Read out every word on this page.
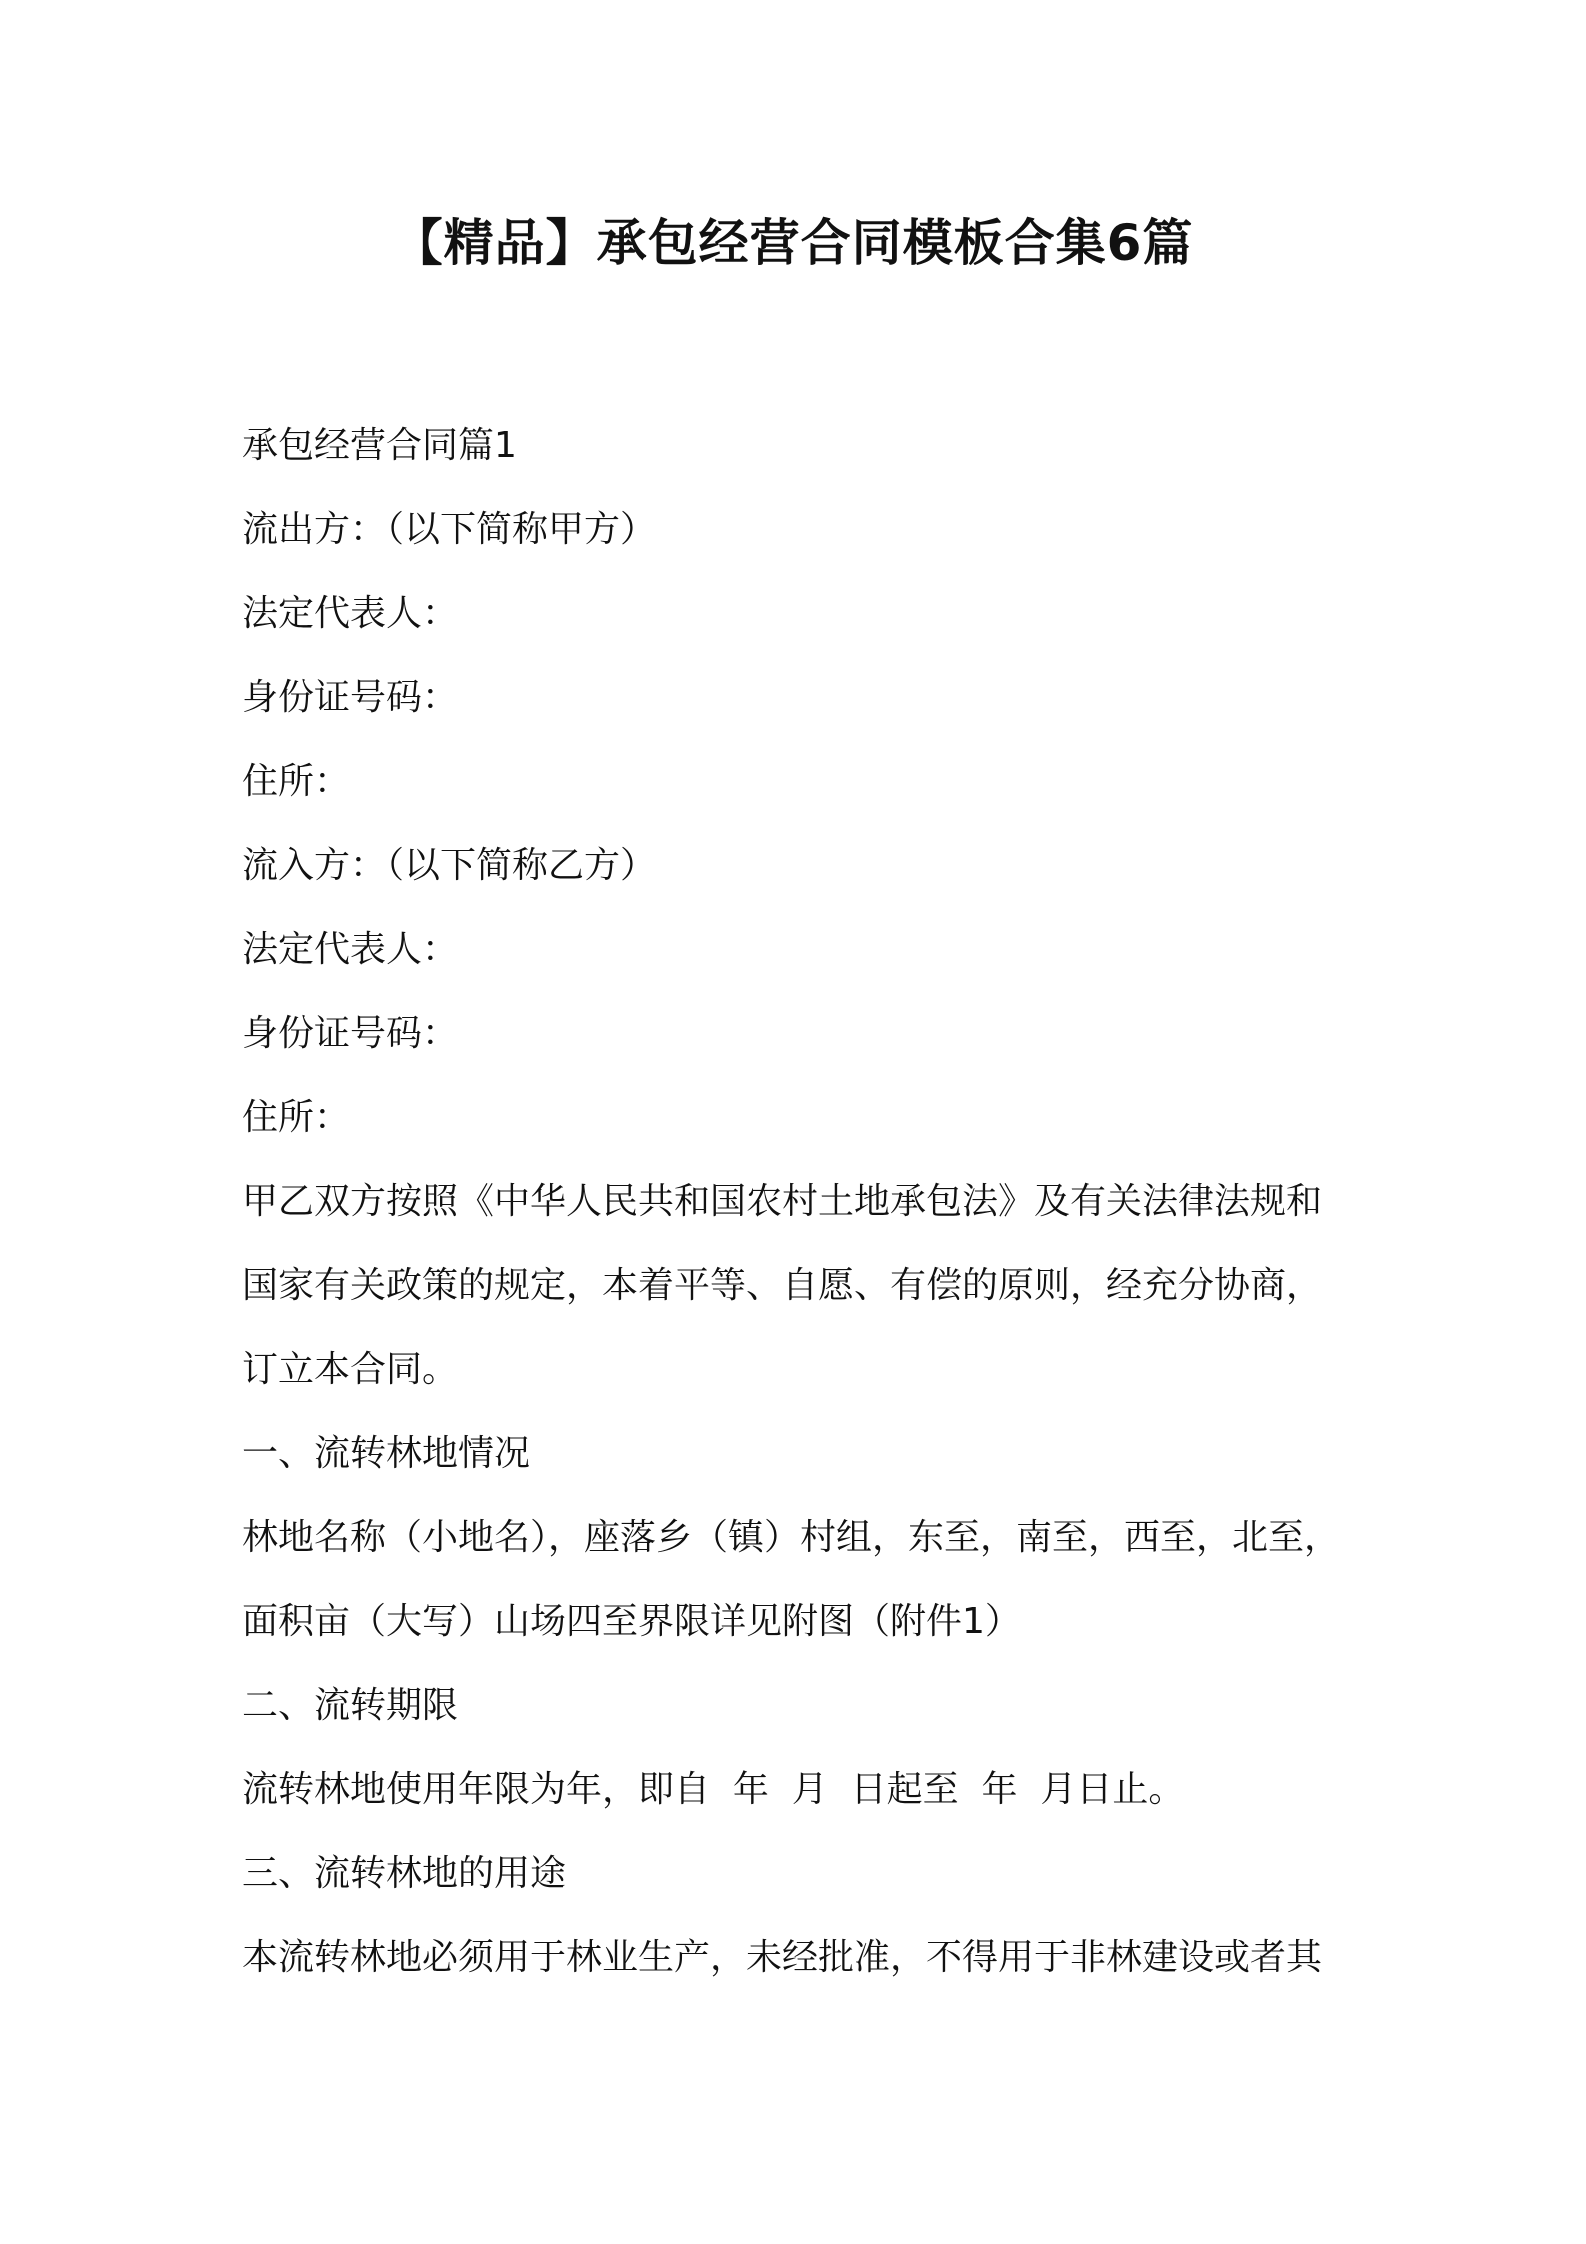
【精品】承包经营合同模板合集6篇

承包经营合同篇1

流出方：（以下简称甲方）

法定代表人：

身份证号码：

住所：

流入方：（以下简称乙方）

法定代表人：

身份证号码：

住所：

甲乙双方按照《中华人民共和国农村土地承包法》及有关法律法规和

国家有关政策的规定，本着平等、自愿、有偿的原则，经充分协商，

订立本合同。

一、流转林地情况

林地名称（小地名），座落乡（镇）村组，东至，南至，西至，北至，

面积亩（大写）山场四至界限详见附图（附件1）

二、流转期限

流转林地使用年限为年，即自  年  月  日起至  年  月日止。

三、流转林地的用途

本流转林地必须用于林业生产，未经批准，不得用于非林建设或者其
